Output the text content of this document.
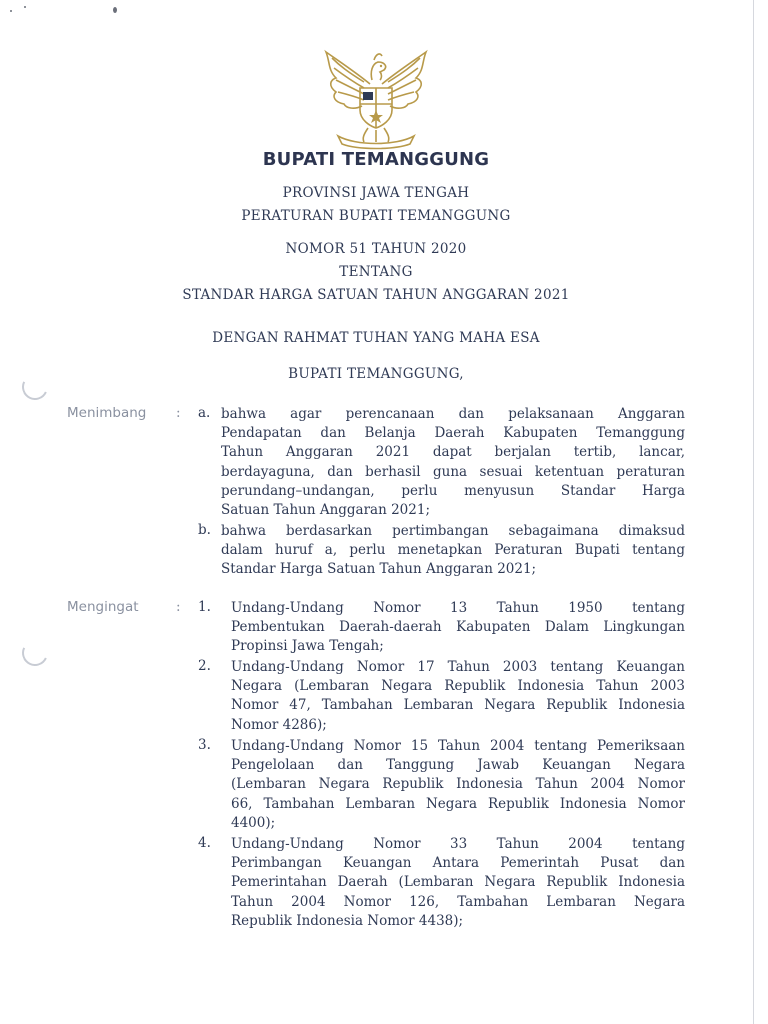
BUPATI TEMANGGUNG
PROVINSI JAWA TENGAH
PERATURAN BUPATI TEMANGGUNG
NOMOR 51 TAHUN 2020
TENTANG
STANDAR HARGA SATUAN TAHUN ANGGARAN 2021
DENGAN RAHMAT TUHAN YANG MAHA ESA
BUPATI TEMANGGUNG,
Menimbang : a. bahwa agar perencanaan dan pelaksanaan Anggaran
Pendapatan dan Belanja Daerah Kabupaten Temanggung
Tahun Anggaran 2021 dapat berjalan tertib, lancar,
berdayaguna, dan berhasil guna sesuai ketentuan peraturan
perundang–undangan, perlu menyusun Standar Harga
Satuan Tahun Anggaran 2021;
b. bahwa berdasarkan pertimbangan sebagaimana dimaksud
dalam huruf a, perlu menetapkan Peraturan Bupati tentang
Standar Harga Satuan Tahun Anggaran 2021;
Mengingat	: 1. Undang-Undang Nomor 13 Tahun 1950 tentang
Pembentukan Daerah-daerah Kabupaten Dalam Lingkungan
Propinsi Jawa Tengah;
2. Undang-Undang Nomor 17 Tahun 2003 tentang Keuangan
Negara (Lembaran Negara Republik Indonesia Tahun 2003
Nomor 47, Tambahan Lembaran Negara Republik Indonesia
Nomor 4286);
3. Undang-Undang Nomor 15 Tahun 2004 tentang Pemeriksaan
Pengelolaan dan Tanggung Jawab Keuangan Negara
(Lembaran Negara Republik Indonesia Tahun 2004 Nomor
66, Tambahan Lembaran Negara Republik Indonesia Nomor
4400);
4. Undang-Undang Nomor 33 Tahun 2004 tentang
Perimbangan Keuangan Antara Pemerintah Pusat dan
Pemerintahan Daerah (Lembaran Negara Republik Indonesia
Tahun 2004 Nomor 126, Tambahan Lembaran Negara
Republik Indonesia Nomor 4438);
